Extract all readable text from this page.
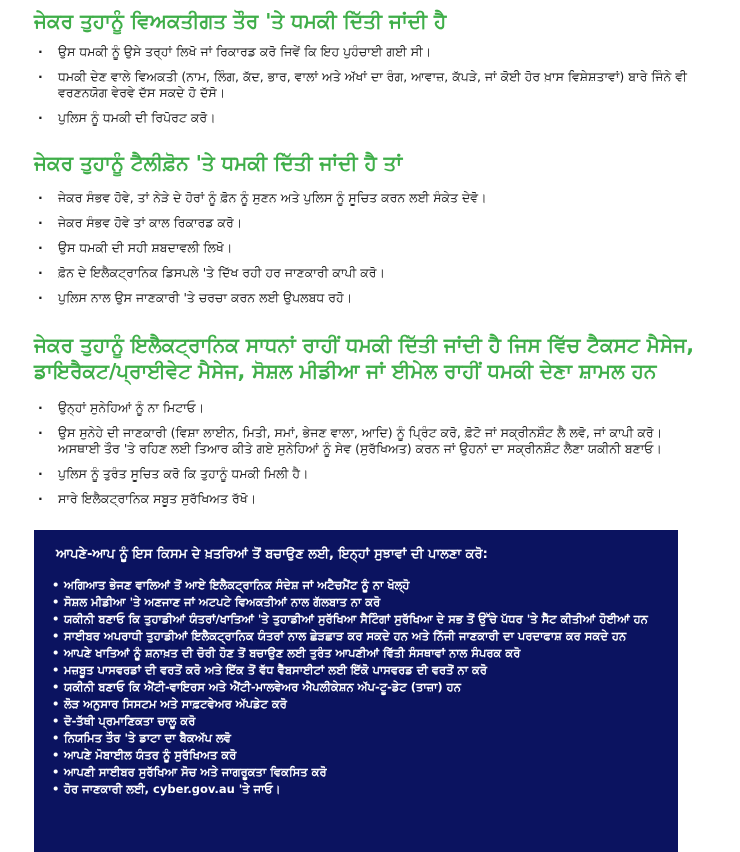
ਜੇਕਰ ਤੁਹਾਨੂੰ ਵਿਅਕਤੀਗਤ ਤੌਰ 'ਤੇ ਧਮਕੀ ਦਿੱਤੀ ਜਾਂਦੀ ਹੈ
· ਉਸ ਧਮਕੀ ਨੂੰ ਉਸੇ ਤਰ੍ਹਾਂ ਲਿਖੋ ਜਾਂ ਰਿਕਾਰਡ ਕਰੋ ਜਿਵੇਂ ਕਿ ਇਹ ਪੁਹੰਚਾਈ ਗਈ ਸੀ।
· ਧਮਕੀ ਦੇਣ ਵਾਲੇ ਵਿਅਕਤੀ (ਨਾਮ, ਲਿੰਗ, ਕੱਦ, ਭਾਰ, ਵਾਲਾਂ ਅਤੇ ਅੱਖਾਂ ਦਾ ਰੰਗ, ਆਵਾਜ਼, ਕੱਪੜੇ, ਜਾਂ ਕੋਈ ਹੋਰ ਖ਼ਾਸ ਵਿਸ਼ੇਸ਼ਤਾਵਾਂ) ਬਾਰੇ ਜਿੰਨੇ ਵੀ ਵਰਣਨਯੋਗ ਵੇਰਵੇ ਦੱਸ ਸਕਦੇ ਹੋ ਦੱਸੋ।
· ਪੁਲਿਸ ਨੂੰ ਧਮਕੀ ਦੀ ਰਿਪੋਰਟ ਕਰੋ।
ਜੇਕਰ ਤੁਹਾਨੂੰ ਟੈਲੀਫ਼ੋਨ 'ਤੇ ਧਮਕੀ ਦਿੱਤੀ ਜਾਂਦੀ ਹੈ ਤਾਂ
· ਜੇਕਰ ਸੰਭਵ ਹੋਵੇ, ਤਾਂ ਨੇੜੇ ਦੇ ਹੋਰਾਂ ਨੂੰ ਫ਼ੋਨ ਨੂੰ ਸੁਣਨ ਅਤੇ ਪੁਲਿਸ ਨੂੰ ਸੂਚਿਤ ਕਰਨ ਲਈ ਸੰਕੇਤ ਦੇਵੋ।
· ਜੇਕਰ ਸੰਭਵ ਹੋਵੇ ਤਾਂ ਕਾਲ ਰਿਕਾਰਡ ਕਰੋ।
· ਉਸ ਧਮਕੀ ਦੀ ਸਹੀ ਸ਼ਬਦਾਵਲੀ ਲਿਖੋ।
· ਫ਼ੋਨ ਦੇ ਇਲੈਕਟ੍ਰਾਨਿਕ ਡਿਸਪਲੇ 'ਤੇ ਦਿੱਖ ਰਹੀ ਹਰ ਜਾਣਕਾਰੀ ਕਾਪੀ ਕਰੋ।
· ਪੁਲਿਸ ਨਾਲ ਉਸ ਜਾਣਕਾਰੀ 'ਤੇ ਚਰਚਾ ਕਰਨ ਲਈ ਉਪਲਬਧ ਰਹੋ।
ਜੇਕਰ ਤੁਹਾਨੂੰ ਇਲੈਕਟ੍ਰਾਨਿਕ ਸਾਧਨਾਂ ਰਾਹੀਂ ਧਮਕੀ ਦਿੱਤੀ ਜਾਂਦੀ ਹੈ ਜਿਸ ਵਿੱਚ ਟੈਕਸਟ ਮੈਸੇਜ, ਡਾਇਰੈਕਟ/ਪ੍ਰਾਈਵੇਟ ਮੈਸੇਜ, ਸੋਸ਼ਲ ਮੀਡੀਆ ਜਾਂ ਈਮੇਲ ਰਾਹੀਂ ਧਮਕੀ ਦੇਣਾ ਸ਼ਾਮਲ ਹਨ
· ਉਨ੍ਹਾਂ ਸੁਨੇਹਿਆਂ ਨੂੰ ਨਾ ਮਿਟਾਓ।
· ਉਸ ਸੁਨੇਹੇ ਦੀ ਜਾਣਕਾਰੀ (ਵਿਸ਼ਾ ਲਾਈਨ, ਮਿਤੀ, ਸਮਾਂ, ਭੇਜਣ ਵਾਲਾ, ਆਦਿ) ਨੂੰ ਪ੍ਰਿੰਟ ਕਰੋ, ਫ਼ੋਟੋ ਜਾਂ ਸਕ੍ਰੀਨਸ਼ੌਟ ਲੈ ਲਵੋ, ਜਾਂ ਕਾਪੀ ਕਰੋ। ਅਸਥਾਈ ਤੌਰ 'ਤੇ ਰਹਿਣ ਲਈ ਤਿਆਰ ਕੀਤੇ ਗਏ ਸੁਨੇਹਿਆਂ ਨੂੰ ਸੇਵ (ਸੁਰੱਖਿਅਤ) ਕਰਨ ਜਾਂ ਉਹਨਾਂ ਦਾ ਸਕ੍ਰੀਨਸ਼ੌਟ ਲੈਣਾ ਯਕੀਨੀ ਬਣਾਓ।
· ਪੁਲਿਸ ਨੂੰ ਤੁਰੰਤ ਸੂਚਿਤ ਕਰੋ ਕਿ ਤੁਹਾਨੂੰ ਧਮਕੀ ਮਿਲੀ ਹੈ।
· ਸਾਰੇ ਇਲੈਕਟ੍ਰਾਨਿਕ ਸਬੂਤ ਸੁਰੱਖਿਅਤ ਰੱਖੋ।
ਆਪਣੇ-ਆਪ ਨੂੰ ਇਸ ਕਿਸਮ ਦੇ ਖ਼ਤਰਿਆਂ ਤੋਂ ਬਚਾਉਣ ਲਈ, ਇਨ੍ਹਾਂ ਸੁਝਾਵਾਂ ਦੀ ਪਾਲਣਾ ਕਰੋ:
• ਅਗਿਆਤ ਭੇਜਣ ਵਾਲਿਆਂ ਤੋਂ ਆਏ ਇਲੈਕਟ੍ਰਾਨਿਕ ਸੰਦੇਸ਼ ਜਾਂ ਅਟੈਚਮੈਂਟ ਨੂੰ ਨਾ ਖੋਲ੍ਹੋ
• ਸੋਸ਼ਲ ਮੀਡੀਆ 'ਤੇ ਅਣਜਾਣ ਜਾਂ ਅਟਪਟੇ ਵਿਅਕਤੀਆਂ ਨਾਲ ਗੱਲਬਾਤ ਨਾ ਕਰੋ
• ਯਕੀਨੀ ਬਣਾਓ ਕਿ ਤੁਹਾਡੀਆਂ ਯੰਤਰਾਂ/ਖਾਤਿਆਂ 'ਤੇ ਤੁਹਾਡੀਆਂ ਸੁਰੱਖਿਆ ਸੈਟਿੰਗਾਂ ਸੁਰੱਖਿਆ ਦੇ ਸਭ ਤੋਂ ਉੱਚੇ ਪੱਧਰ 'ਤੇ ਸੈੱਟ ਕੀਤੀਆਂ ਹੋਈਆਂ ਹਨ
• ਸਾਈਬਰ ਅਪਰਾਧੀ ਤੁਹਾਡੀਆਂ ਇਲੈਕਟ੍ਰਾਨਿਕ ਯੰਤਰਾਂ ਨਾਲ ਛੇੜਛਾੜ ਕਰ ਸਕਦੇ ਹਨ ਅਤੇ ਨਿੱਜੀ ਜਾਣਕਾਰੀ ਦਾ ਪਰਦਾਫਾਸ਼ ਕਰ ਸਕਦੇ ਹਨ
• ਆਪਣੇ ਖਾਤਿਆਂ ਨੂੰ ਸ਼ਨਾਖ਼ਤ ਦੀ ਚੋਰੀ ਹੋਣ ਤੋਂ ਬਚਾਉਣ ਲਈ ਤੁਰੰਤ ਆਪਣੀਆਂ ਵਿੱਤੀ ਸੰਸਥਾਵਾਂ ਨਾਲ ਸੰਪਰਕ ਕਰੋ
• ਮਜ਼ਬੂਤ ਪਾਸਵਰਡਾਂ ਦੀ ਵਰਤੋਂ ਕਰੋ ਅਤੇ ਇੱਕ ਤੋਂ ਵੱਧ ਵੈੱਬਸਾਈਟਾਂ ਲਈ ਇੱਕੋ ਪਾਸਵਰਡ ਦੀ ਵਰਤੋਂ ਨਾ ਕਰੋ
• ਯਕੀਨੀ ਬਣਾਓ ਕਿ ਐਂਟੀ-ਵਾਇਰਸ ਅਤੇ ਐਂਟੀ-ਮਾਲਵੇਅਰ ਐਪਲੀਕੇਸ਼ਨ ਅੱਪ-ਟੂ-ਡੇਟ (ਤਾਜ਼ਾ) ਹਨ
• ਲੋੜ ਅਨੁਸਾਰ ਸਿਸਟਮ ਅਤੇ ਸਾਫ਼ਟਵੇਅਰ ਅੱਪਡੇਟ ਕਰੋ
• ਦੋ-ਤੱਥੀ ਪ੍ਰਮਾਣਿਕਤਾ ਚਾਲੂ ਕਰੋ
• ਨਿਯਮਿਤ ਤੌਰ 'ਤੇ ਡਾਟਾ ਦਾ ਬੈਕਅੱਪ ਲਵੋ
• ਆਪਣੇ ਮੋਬਾਈਲ ਯੰਤਰ ਨੂੰ ਸੁਰੱਖਿਅਤ ਕਰੋ
• ਆਪਣੀ ਸਾਈਬਰ ਸੁਰੱਖਿਆ ਸੋਚ ਅਤੇ ਜਾਗਰੂਕਤਾ ਵਿਕਸਿਤ ਕਰੋ
• ਹੋਰ ਜਾਣਕਾਰੀ ਲਈ, cyber.gov.au 'ਤੇ ਜਾਓ।
